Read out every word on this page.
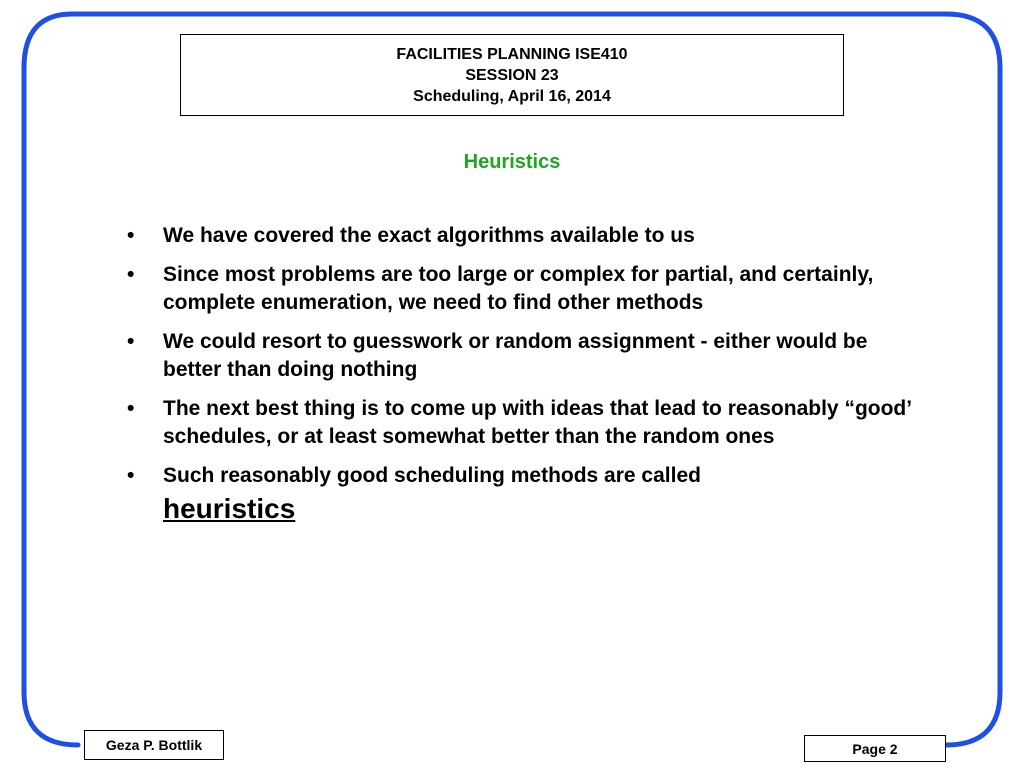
FACILITIES PLANNING ISE410
SESSION 23
Scheduling, April 16, 2014
Heuristics
•	We have covered the exact algorithms available to us
•	Since most problems are too large or complex for partial, and certainly, complete enumeration, we need to find other methods
•	We could resort to guesswork or random assignment - either would be better than doing nothing
•	The next best thing is to come up with ideas that lead to reasonably “good’ schedules, or at least somewhat better than the random ones
•	Such reasonably good scheduling methods are called
heuristics
Geza P. Bottlik	Page 2
